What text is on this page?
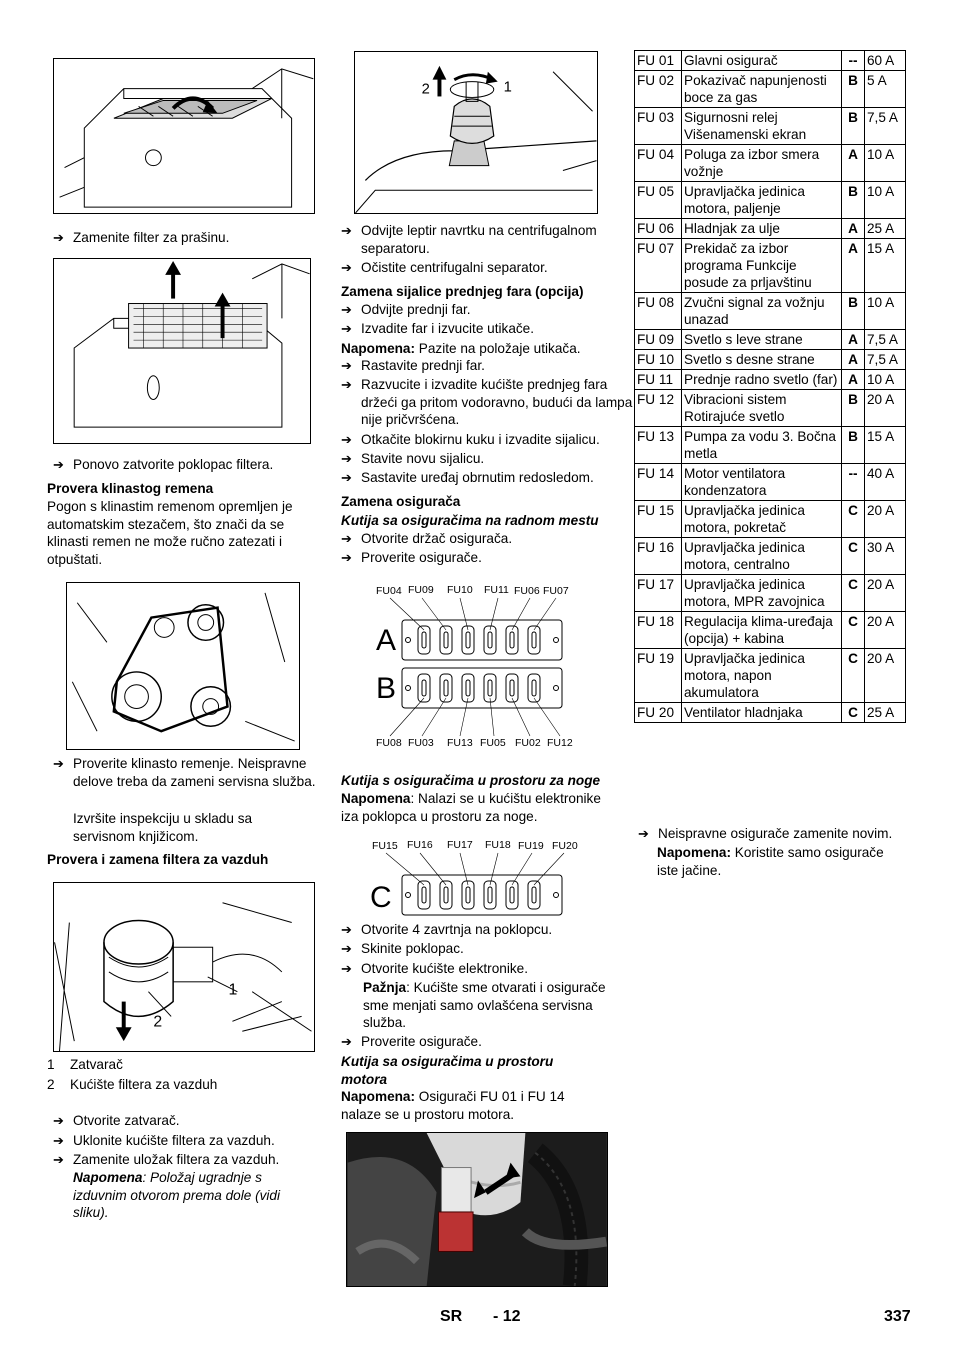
➔ Zamenite filter za prašinu.
➔ Ponovo zatvorite poklopac filtera.
Provera klinastog remena
Pogon s klinastim remenom opremljen je automatskim stezačem, što znači da se klinasti remen ne može ručno zatezati i otpuštati.
➔ Proverite klinasto remenje. Neispravne delove treba da zameni servisna služba.
Izvršite inspekciju u skladu sa servisnom knjižicom.
Provera i zamena filtera za vazduh
1
2
1 Zatvarač
2 Kućište filtera za vazduh
➔ Otvorite zatvarač.
➔ Uklonite kućište filtera za vazduh.
➔ Zamenite uložak filtera za vazduh.
Napomena: Položaj ugradnje s izduvnim otvorom prema dole (vidi sliku).
2	1
➔ Odvijte leptir navrtku na centrifugalnom separatoru.
➔ Očistite centrifugalni separator.
Zamena sijalice prednjeg fara (opcija)
➔ Odvijte prednji far.
➔ Izvadite far i izvucite utikače.
Napomena: Pazite na položaje utikača.
➔ Rastavite prednji far.
➔ Razvucite i izvadite kućište prednjeg fara držeći ga pritom vodoravno, budući da lampa nije pričvršćena.
➔ Otkačite blokirnu kuku i izvadite sijalicu.
➔ Stavite novu sijalicu.
➔ Sastavite uređaj obrnutim redosledom.
Zamena osigurača
Kutija sa osiguračima na radnom mestu
➔ Otvorite držač osigurača.
➔ Proverite osigurače.
FU04 FU09 FU10 FU11 FU06 FU07
FU08 FU03 FU13 FU05 FU02 FU12
A
B
Kutija s osiguračima u prostoru za noge
Napomena: Nalazi se u kućištu elektronike iza poklopca u prostoru za noge.
FU15 FU16 FU17 FU18 FU19 FU20
C
➔ Otvorite 4 zavrtnja na poklopcu.
➔ Skinite poklopac.
➔ Otvorite kućište elektronike.
Pažnja: Kućište sme otvarati i osigurače sme menjati samo ovlašćena servisna služba.
➔ Proverite osigurače.
Kutija sa osiguračima u prostoru motora
Napomena: Osigurači FU 01 i FU 14 nalaze se u prostoru motora.
FU 01	Glavni osigurač	--	60 A
FU 02	Pokazivač napunjenosti boce za gas	B	5 A
FU 03	Sigurnosni relej Višenamenski ekran	B	7,5 A
FU 04	Poluga za izbor smera vožnje	A	10 A
FU 05	Upravljačka jedinica motora, paljenje	B	10 A
FU 06	Hladnjak za ulje	A	25 A
FU 07	Prekidač za izbor programa Funkcije posude za prljavštinu	A	15 A
FU 08	Zvučni signal za vožnju unazad	B	10 A
FU 09	Svetlo s leve strane	A	7,5 A
FU 10	Svetlo s desne strane	A	7,5 A
FU 11	Prednje radno svetlo (far)	A	10 A
FU 12	Vibracioni sistem Rotirajuće svetlo	B	20 A
FU 13	Pumpa za vodu 3. Bočna metla	B	15 A
FU 14	Motor ventilatora kondenzatora	--	40 A
FU 15	Upravljačka jedinica motora, pokretač	C	20 A
FU 16	Upravljačka jedinica motora, centralno	C	30 A
FU 17	Upravljačka jedinica motora, MPR zavojnica	C	20 A
FU 18	Regulacija klima-uređaja (opcija) + kabina	C	20 A
FU 19	Upravljačka jedinica motora, napon akumulatora	C	20 A
FU 20	Ventilator hladnjaka	C	25 A
➔ Neispravne osigurače zamenite novim.
Napomena: Koristite samo osigurače iste jačine.
SR - 12	337
